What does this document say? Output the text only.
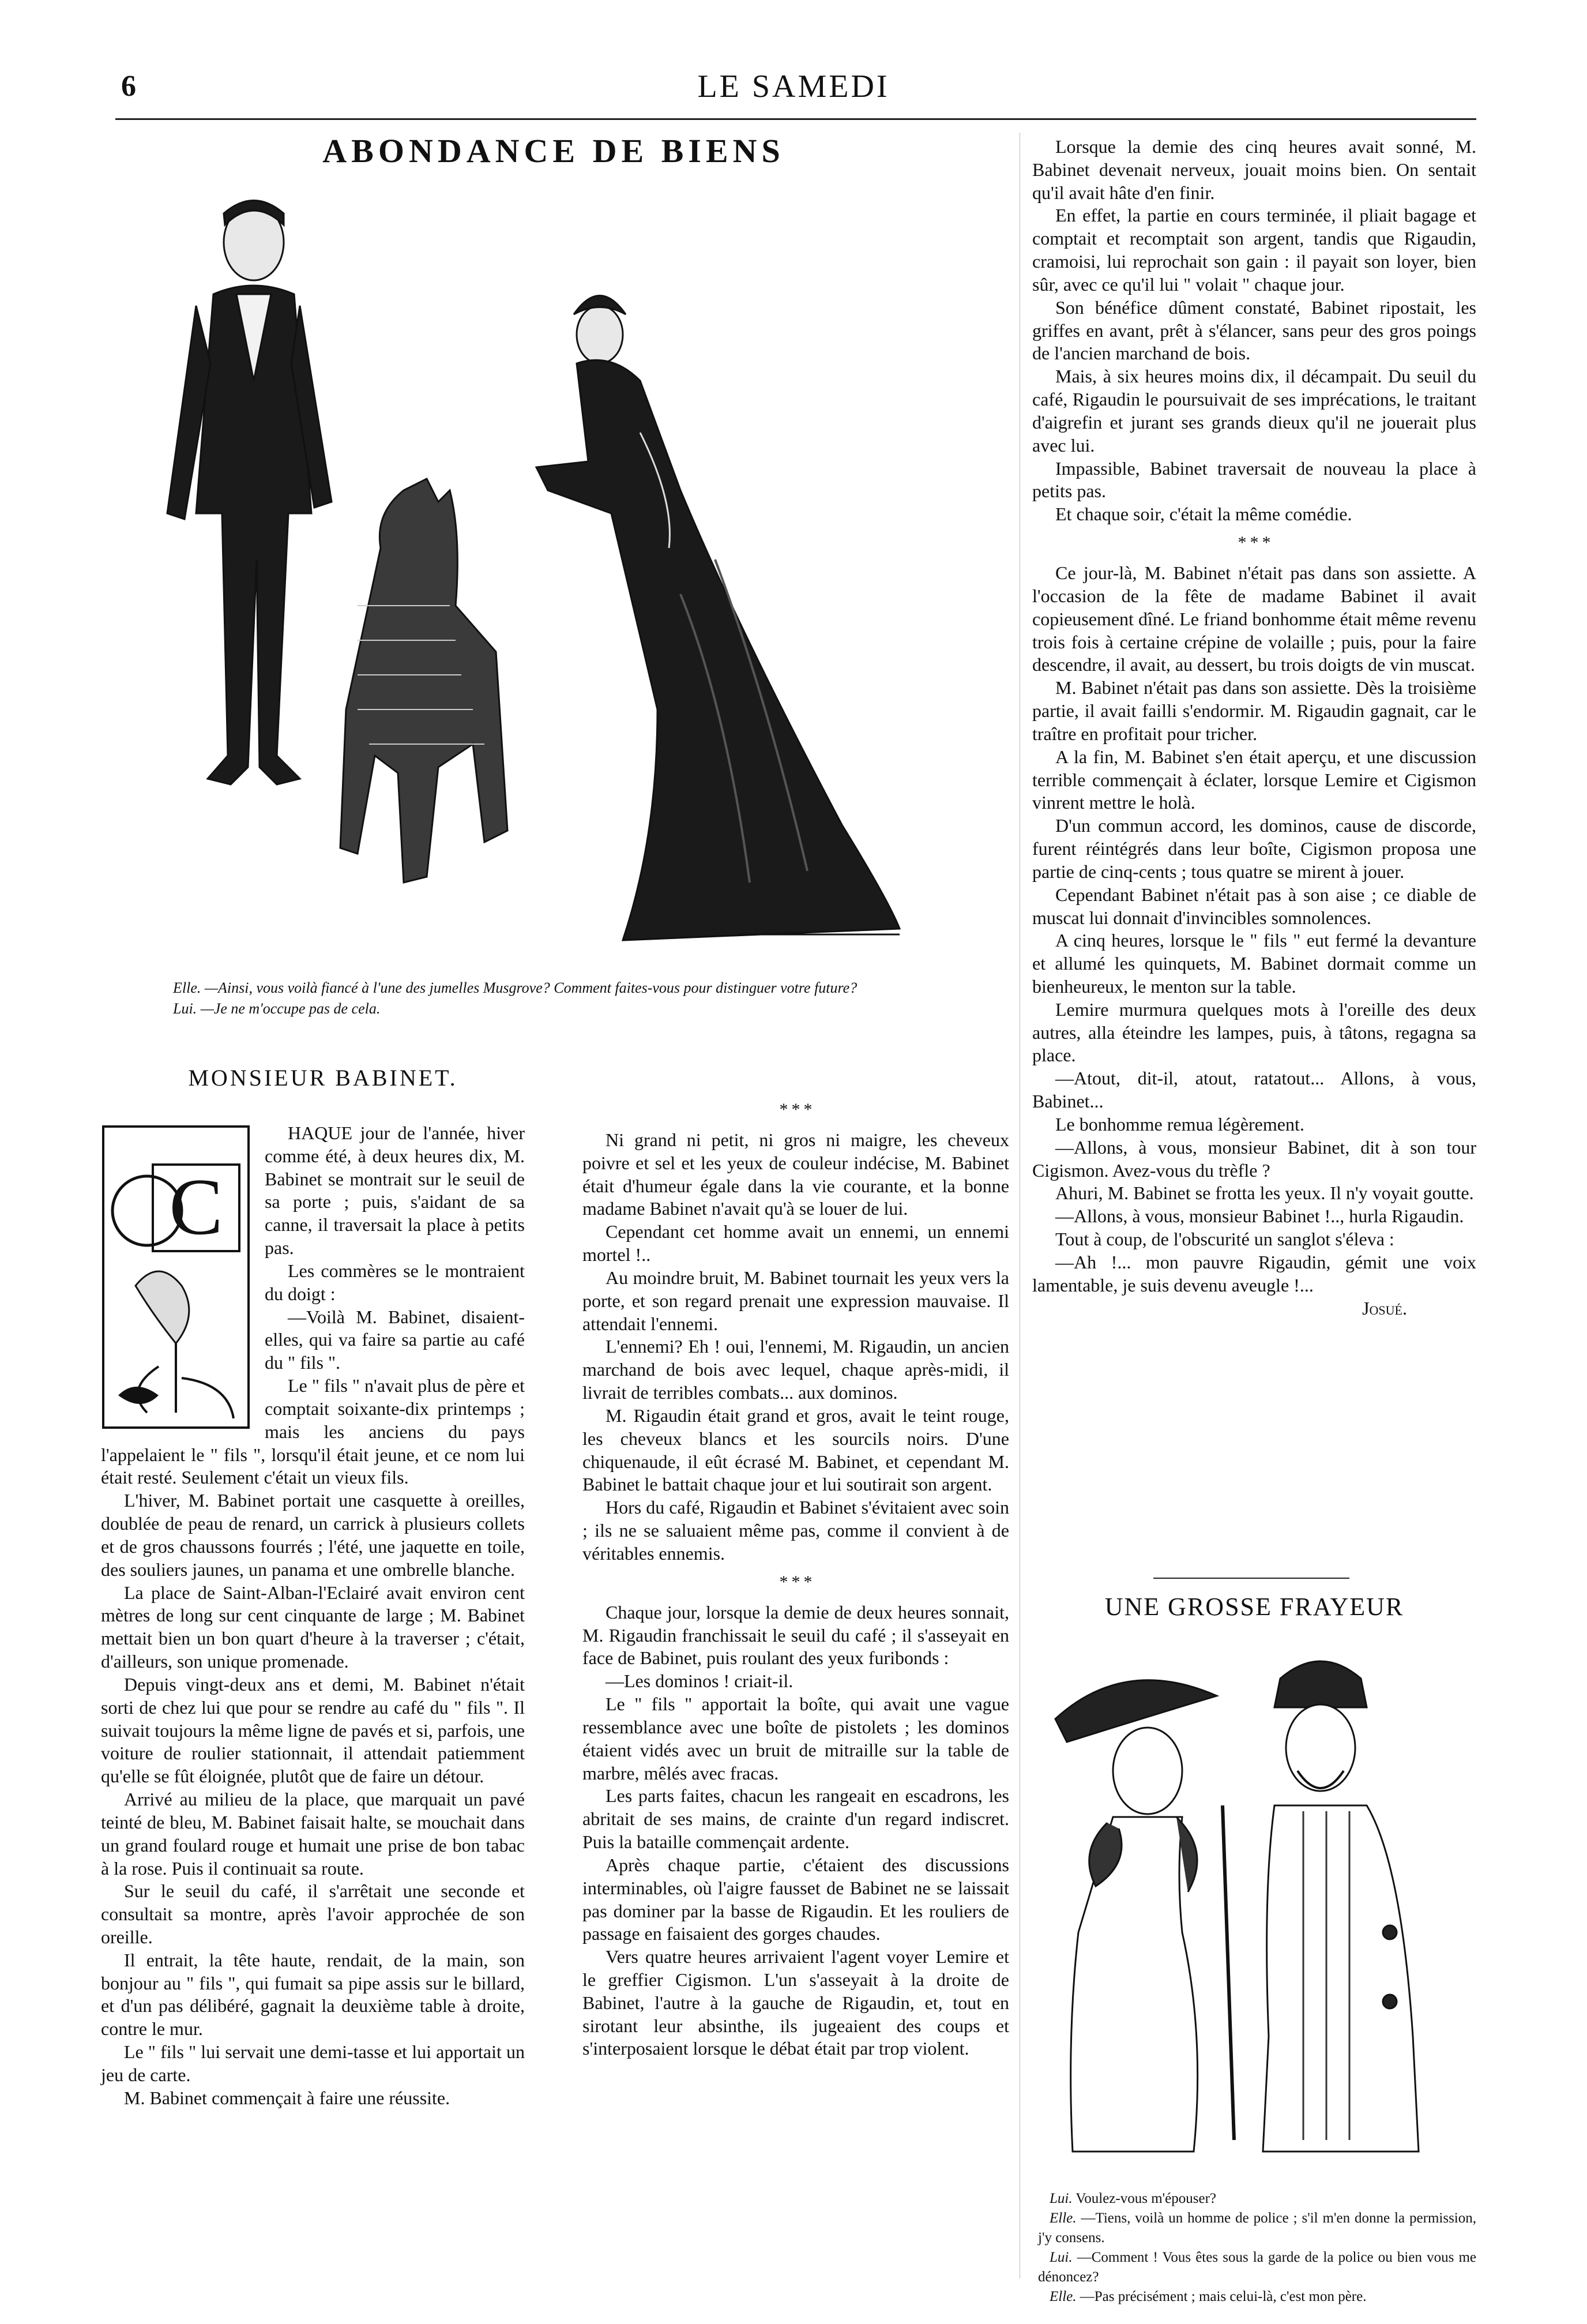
6	LE SAMEDI
ABONDANCE DE BIENS

Elle. —Ainsi, vous voilà fiancé à l'une des jumelles Musgrove? Comment faites-vous pour distinguer votre future?

Lui. —Je ne m'occupe pas de cela.

MONSIEUR BABINET.
C

HAQUE jour de l'année, hiver comme été, à deux heures dix, M. Babinet se montrait sur le seuil de sa porte ; puis, s'aidant de sa canne, il traversait la place à petits pas.

Les commères se le montraient du doigt :

—Voilà M. Babinet, disaient-elles, qui va faire sa partie au café du " fils ".

Le " fils " n'avait plus de père et comptait soixante-dix printemps ; mais les anciens du pays l'appelaient le " fils ", lorsqu'il était jeune, et ce nom lui était resté. Seulement c'était un vieux fils.

L'hiver, M. Babinet portait une casquette à oreilles, doublée de peau de renard, un carrick à plusieurs collets et de gros chaussons fourrés ; l'été, une jaquette en toile, des souliers jaunes, un panama et une ombrelle blanche.

La place de Saint-Alban-l'Eclairé avait environ cent mètres de long sur cent cinquante de large ; M. Babinet mettait bien un bon quart d'heure à la traverser ; c'était, d'ailleurs, son unique promenade.

Depuis vingt-deux ans et demi, M. Babinet n'était sorti de chez lui que pour se rendre au café du " fils ". Il suivait toujours la même ligne de pavés et si, parfois, une voiture de roulier stationnait, il attendait patiemment qu'elle se fût éloignée, plutôt que de faire un détour.

Arrivé au milieu de la place, que marquait un pavé teinté de bleu, M. Babinet faisait halte, se mouchait dans un grand foulard rouge et humait une prise de bon tabac à la rose. Puis il continuait sa route.

Sur le seuil du café, il s'arrêtait une seconde et consultait sa montre, après l'avoir approchée de son oreille.

Il entrait, la tête haute, rendait, de la main, son bonjour au " fils ", qui fumait sa pipe assis sur le billard, et d'un pas délibéré, gagnait la deuxième table à droite, contre le mur.

Le " fils " lui servait une demi-tasse et lui apportait un jeu de carte.

M. Babinet commençait à faire une réussite.

* * *

Ni grand ni petit, ni gros ni maigre, les cheveux poivre et sel et les yeux de couleur indécise, M. Babinet était d'humeur égale dans la vie courante, et la bonne madame Babinet n'avait qu'à se louer de lui.

Cependant cet homme avait un ennemi, un ennemi mortel !..

Au moindre bruit, M. Babinet tournait les yeux vers la porte, et son regard prenait une expression mauvaise. Il attendait l'ennemi.

L'ennemi? Eh ! oui, l'ennemi, M. Rigaudin, un ancien marchand de bois avec lequel, chaque après-midi, il livrait de terribles combats... aux dominos.

M. Rigaudin était grand et gros, avait le teint rouge, les cheveux blancs et les sourcils noirs. D'une chiquenaude, il eût écrasé M. Babinet, et cependant M. Babinet le battait chaque jour et lui soutirait son argent.

Hors du café, Rigaudin et Babinet s'évitaient avec soin ; ils ne se saluaient même pas, comme il convient à de véritables ennemis.

* * *

Chaque jour, lorsque la demie de deux heures sonnait, M. Rigaudin franchissait le seuil du café ; il s'asseyait en face de Babinet, puis roulant des yeux furibonds :

—Les dominos ! criait-il.

Le " fils " apportait la boîte, qui avait une vague ressemblance avec une boîte de pistolets ; les dominos étaient vidés avec un bruit de mitraille sur la table de marbre, mêlés avec fracas.

Les parts faites, chacun les rangeait en escadrons, les abritait de ses mains, de crainte d'un regard indiscret. Puis la bataille commençait ardente.

Après chaque partie, c'étaient des discussions interminables, où l'aigre fausset de Babinet ne se laissait pas dominer par la basse de Rigaudin. Et les rouliers de passage en faisaient des gorges chaudes.

Vers quatre heures arrivaient l'agent voyer Lemire et le greffier Cigismon. L'un s'asseyait à la droite de Babinet, l'autre à la gauche de Rigaudin, et, tout en sirotant leur absinthe, ils jugeaient des coups et s'interposaient lorsque le débat était par trop violent.

Lorsque la demie des cinq heures avait sonné, M. Babinet devenait nerveux, jouait moins bien. On sentait qu'il avait hâte d'en finir.

En effet, la partie en cours terminée, il pliait bagage et comptait et recomptait son argent, tandis que Rigaudin, cramoisi, lui reprochait son gain : il payait son loyer, bien sûr, avec ce qu'il lui " volait " chaque jour.

Son bénéfice dûment constaté, Babinet ripostait, les griffes en avant, prêt à s'élancer, sans peur des gros poings de l'ancien marchand de bois.

Mais, à six heures moins dix, il décampait. Du seuil du café, Rigaudin le poursuivait de ses imprécations, le traitant d'aigrefin et jurant ses grands dieux qu'il ne jouerait plus avec lui.

Impassible, Babinet traversait de nouveau la place à petits pas.

Et chaque soir, c'était la même comédie.

* * *

Ce jour-là, M. Babinet n'était pas dans son assiette. A l'occasion de la fête de madame Babinet il avait copieusement dîné. Le friand bonhomme était même revenu trois fois à certaine crépine de volaille ; puis, pour la faire descendre, il avait, au dessert, bu trois doigts de vin muscat.

M. Babinet n'était pas dans son assiette. Dès la troisième partie, il avait failli s'endormir. M. Rigaudin gagnait, car le traître en profitait pour tricher.

A la fin, M. Babinet s'en était aperçu, et une discussion terrible commençait à éclater, lorsque Lemire et Cigismon vinrent mettre le holà.

D'un commun accord, les dominos, cause de discorde, furent réintégrés dans leur boîte, Cigismon proposa une partie de cinq-cents ; tous quatre se mirent à jouer.

Cependant Babinet n'était pas à son aise ; ce diable de muscat lui donnait d'invincibles somnolences.

A cinq heures, lorsque le " fils " eut fermé la devanture et allumé les quinquets, M. Babinet dormait comme un bienheureux, le menton sur la table.

Lemire murmura quelques mots à l'oreille des deux autres, alla éteindre les lampes, puis, à tâtons, regagna sa place.

—Atout, dit-il, atout, ratatout... Allons, à vous, Babinet...

Le bonhomme remua légèrement.

—Allons, à vous, monsieur Babinet, dit à son tour Cigismon. Avez-vous du trèfle ?

Ahuri, M. Babinet se frotta les yeux. Il n'y voyait goutte.

—Allons, à vous, monsieur Babinet !.., hurla Rigaudin.

Tout à coup, de l'obscurité un sanglot s'éleva :

—Ah !... mon pauvre Rigaudin, gémit une voix lamentable, je suis devenu aveugle !...

Josué.
UNE GROSSE FRAYEUR

Lui. Voulez-vous m'épouser?

Elle. —Tiens, voilà un homme de police ; s'il m'en donne la permission, j'y consens.

Lui. —Comment ! Vous êtes sous la garde de la police ou bien vous me dénoncez?

Elle. —Pas précisément ; mais celui-là, c'est mon père.
